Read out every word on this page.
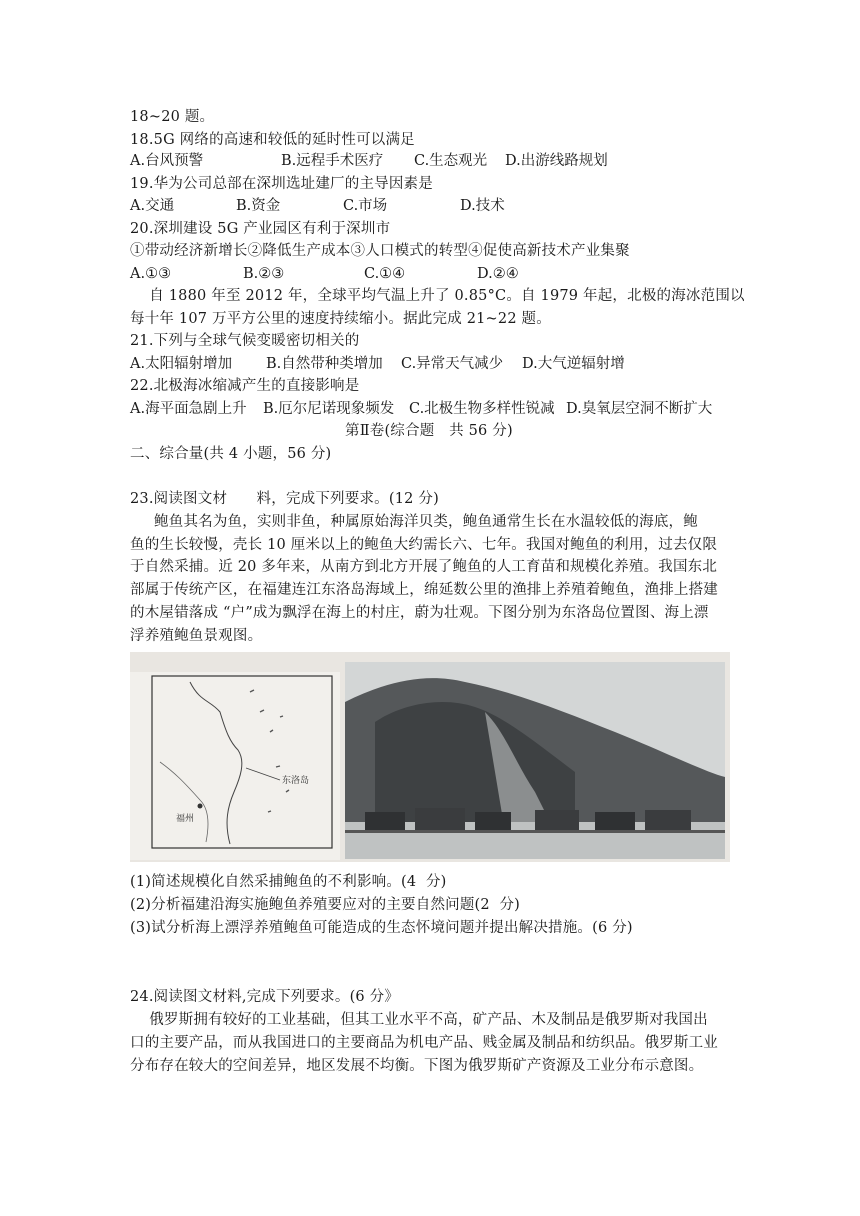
18~20 题。
18.5G 网络的高速和较低的延时性可以满足
A.台风预警	B.远程手术医疗 C.生态观光 D.出游线路规划
19.华为公司总部在深圳选址建厂的主导因素是
A.交通	B.资金	C.市场	D.技术
20.深圳建设 5G 产业园区有利于深圳市
①带动经济新增长②降低生产成本③人口模式的转型④促使高新技术产业集聚
A.①③	B.②③	C.①④	D.②④
自 1880 年至 2012 年，全球平均气温上升了 0.85°C。自 1979 年起，北极的海冰范围以
每十年 107 万平方公里的速度持续缩小。据此完成 21~22 题。
21.下列与全球气候变暖密切相关的
A.太阳辐射增加 B.自然带种类增加 C.异常天气减少 D.大气逆辐射增
22.北极海冰缩减产生的直接影响是
A.海平面急剧上升 B.厄尔尼诺现象频发 C.北极生物多样性锐减 D.臭氧层空洞不断扩大
第Ⅱ卷(综合题　共 56 分)
二、综合量(共 4 小题，56 分)
23.阅读图文材　　料，完成下列要求。(12 分)
鲍鱼其名为鱼，实则非鱼，种属原始海洋贝类，鲍鱼通常生长在水温较低的海底，鲍
鱼的生长较慢，壳长 10 厘米以上的鲍鱼大约需长六、七年。我国对鲍鱼的利用，过去仅限
于自然采捕。近 20 多年来，从南方到北方开展了鲍鱼的人工育苗和规模化养殖。我国东北
部属于传统产区，在福建连江东洛岛海域上，绵延数公里的渔排上养殖着鲍鱼，渔排上搭建
的木屋错落成 “户”成为飘浮在海上的村庄，蔚为壮观。下图分别为东洛岛位置图、海上漂
浮养殖鲍鱼景观图。
东洛岛
福州
(1)简述规模化自然采捕鲍鱼的不利影响。(4  分)
(2)分析福建沿海实施鲍鱼养殖要应对的主要自然问题(2  分)
(3)试分析海上漂浮养殖鲍鱼可能造成的生态怀境问题并提出解决措施。(6 分)
24.阅读图文材料,完成下列要求。(6 分》
俄罗斯拥有较好的工业基础，但其工业水平不高，矿产品、木及制品是俄罗斯对我国出
口的主要产品，而从我国进口的主要商品为机电产品、贱金属及制品和纺织品。俄罗斯工业
分布存在较大的空间差异，地区发展不均衡。下图为俄罗斯矿产资源及工业分布示意图。
